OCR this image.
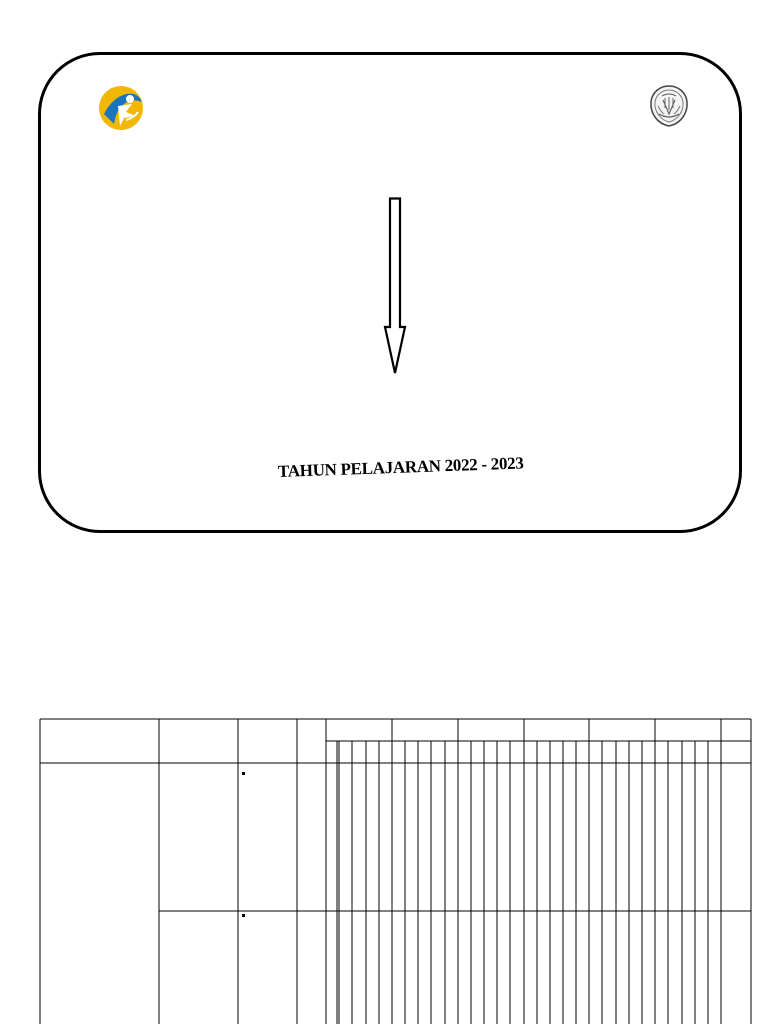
TAHUN PELAJARAN 2022 - 2023
